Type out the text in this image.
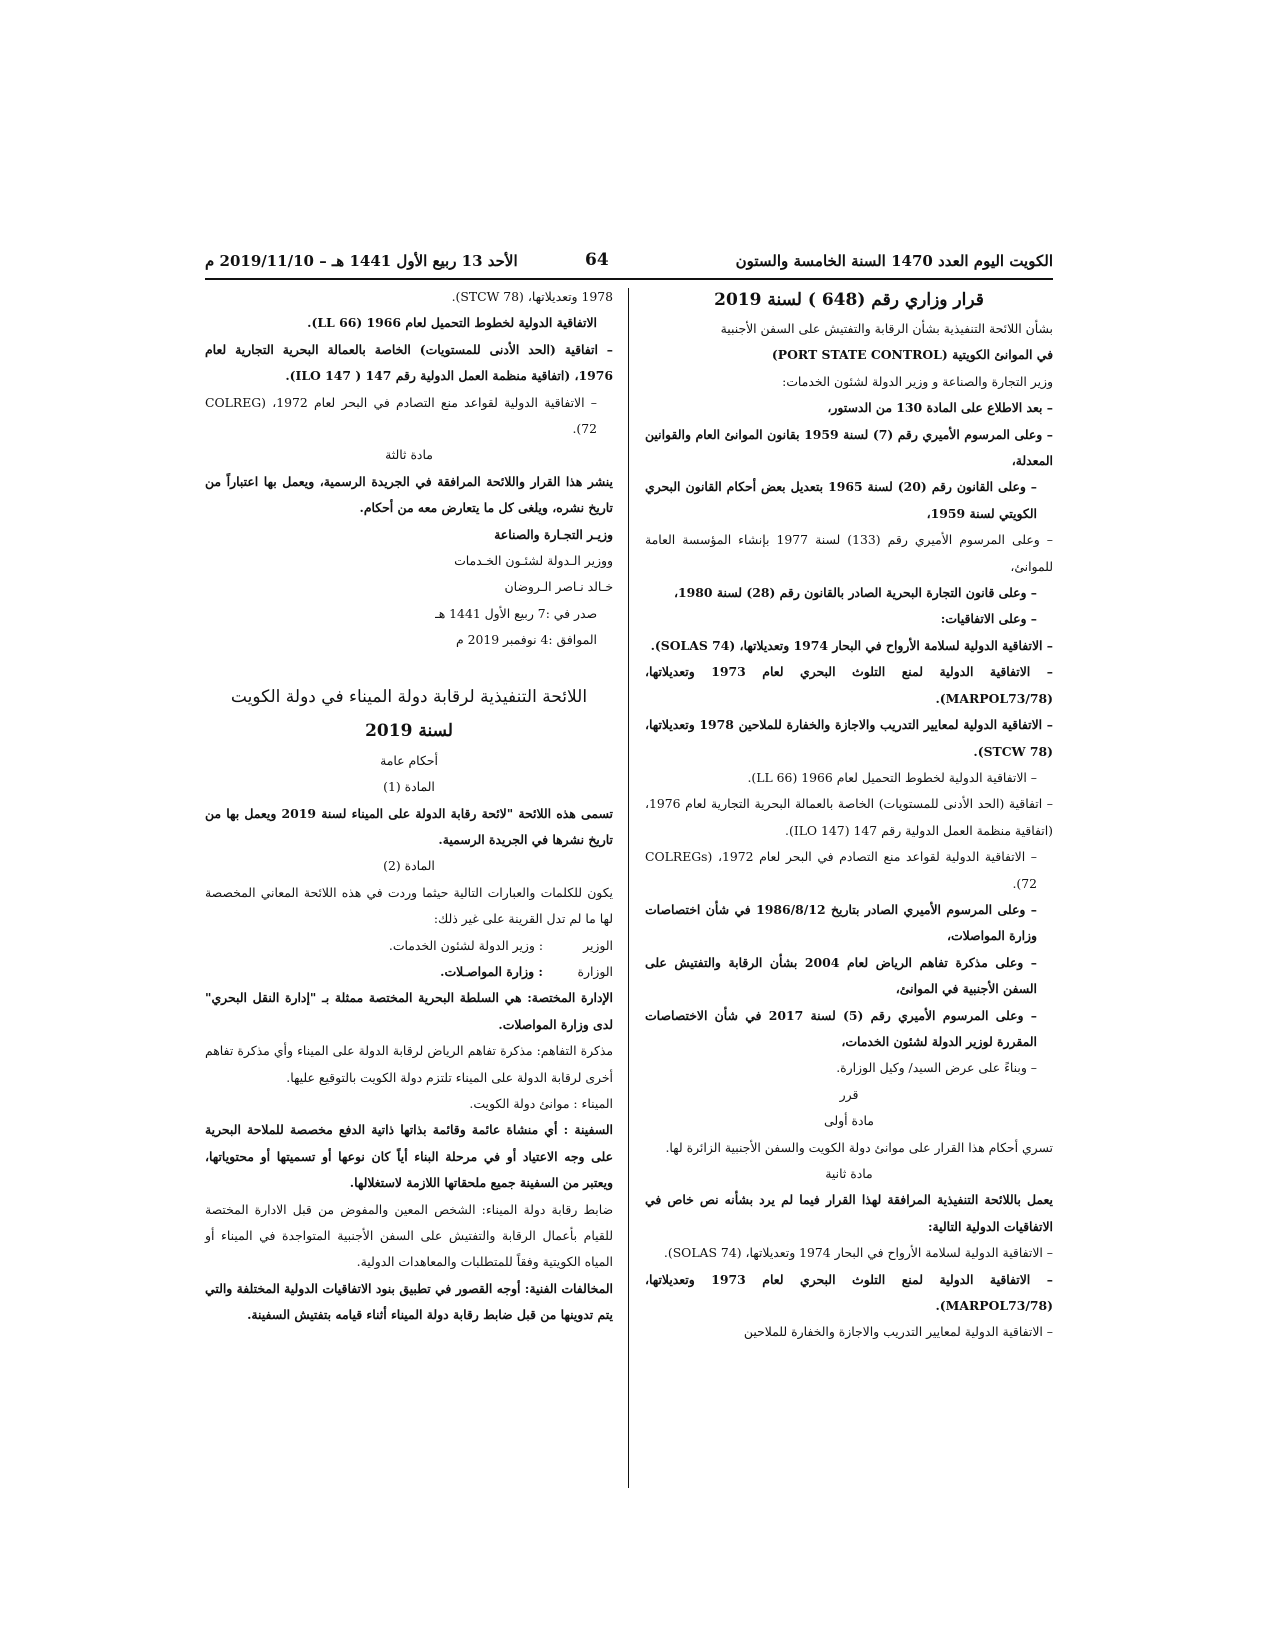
الكويت اليوم العدد 1470 السنة الخامسة والستون
64
الأحد 13 ربيع الأول 1441 هـ – 2019/11/10 م

قرار وزاري رقم (648 ) لسنة 2019

بشأن اللائحة التنفيذية بشأن الرقابة والتفتيش على السفن الأجنبية

في الموانئ الكويتية (PORT STATE CONTROL)

وزير التجارة والصناعة و وزير الدولة لشئون الخدمات:

– بعد الاطلاع على المادة 130 من الدستور،

– وعلى المرسوم الأميري رقم (7) لسنة 1959 بقانون الموانئ العام والقوانين المعدلة،

– وعلى القانون رقم (20) لسنة 1965 بتعديل بعض أحكام القانون البحري الكويتي لسنة 1959،

– وعلى المرسوم الأميري رقم (133) لسنة 1977 بإنشاء المؤسسة العامة للموانئ،

– وعلى قانون التجارة البحرية الصادر بالقانون رقم (28) لسنة 1980،

– وعلى الاتفاقيات:

– الاتفاقية الدولية لسلامة الأرواح في البحار 1974 وتعديلاتها، (SOLAS 74).

– الاتفاقية الدولية لمنع التلوث البحري لعام 1973 وتعديلاتها، (MARPOL73/78).

– الاتفاقية الدولية لمعايير التدريب والاجازة والخفارة للملاحين 1978 وتعديلاتها، (STCW 78).

– الاتفاقية الدولية لخطوط التحميل لعام 1966 (LL 66).

– اتفاقية (الحد الأدنى للمستويات) الخاصة بالعمالة البحرية التجارية لعام 1976، (اتفاقية منظمة العمل الدولية رقم 147 (ILO 147).

– الاتفاقية الدولية لقواعد منع التصادم في البحر لعام 1972، (COLREGs 72).

– وعلى المرسوم الأميري الصادر بتاريخ 1986/8/12 في شأن اختصاصات وزارة المواصلات،

– وعلى مذكرة تفاهم الرياض لعام 2004 بشأن الرقابة والتفتيش على السفن الأجنبية في الموانئ،

– وعلى المرسوم الأميري رقم (5) لسنة 2017 في شأن الاختصاصات المقررة لوزير الدولة لشئون الخدمات،

– وبناءً على عرض السيد/ وكيل الوزارة.

قرر

مادة أولى

تسري أحكام هذا القرار على موانئ دولة الكويت والسفن الأجنبية الزائرة لها.

مادة ثانية

يعمل باللائحة التنفيذية المرافقة لهذا القرار فيما لم يرد بشأنه نص خاص في الاتفاقيات الدولية التالية:

– الاتفاقية الدولية لسلامة الأرواح في البحار 1974 وتعديلاتها، (SOLAS 74).

– الاتفاقية الدولية لمنع التلوث البحري لعام 1973 وتعديلاتها، (MARPOL73/78).

– الاتفاقية الدولية لمعايير التدريب والاجازة والخفارة للملاحين

1978 وتعديلاتها، (STCW 78).

الاتفاقية الدولية لخطوط التحميل لعام 1966 (LL 66).

– اتفاقية (الحد الأدنى للمستويات) الخاصة بالعمالة البحرية التجارية لعام 1976، (اتفاقية منظمة العمل الدولية رقم 147 ( ILO 147).

– الاتفاقية الدولية لقواعد منع التصادم في البحر لعام 1972، (COLREG 72).

مادة ثالثة

ينشر هذا القرار واللائحة المرافقة في الجريدة الرسمية، ويعمل بها اعتباراً من تاريخ نشره، ويلغى كل ما يتعارض معه من أحكام.

وزيـر التجـارة والصناعة

ووزير الـدولة لشئـون الخـدمات

خـالد نـاصر الـروضان

صدر في :7 ربيع الأول 1441 هـ

الموافق :4 نوفمبر 2019 م

اللائحة التنفيذية لرقابة دولة الميناء في دولة الكويت

لسنة 2019

أحكام عامة

المادة (1)

تسمى هذه اللائحة "لائحة رقابة الدولة على الميناء لسنة 2019 ويعمل بها من تاريخ نشرها في الجريدة الرسمية.

المادة (2)

يكون للكلمات والعبارات التالية حيثما وردت في هذه اللائحة المعاني المخصصة لها ما لم تدل القرينة على غير ذلك:

الوزير
: وزير الدولة لشئون الخدمات.
الوزارة
: وزارة المواصـلات.

الإدارة المختصة: هي السلطة البحرية المختصة ممثلة بـ "إدارة النقل البحري" لدى وزارة المواصلات.

مذكرة التفاهم: مذكرة تفاهم الرياض لرقابة الدولة على الميناء وأي مذكرة تفاهم أخرى لرقابة الدولة على الميناء تلتزم دولة الكويت بالتوقيع عليها.

الميناء : موانئ دولة الكويت.

السفينة : أي منشاة عائمة وقائمة بذاتها ذاتية الدفع مخصصة للملاحة البحرية على وجه الاعتياد أو في مرحلة البناء أياً كان نوعها أو تسميتها أو محتوياتها، ويعتبر من السفينة جميع ملحقاتها اللازمة لاستغلالها.

ضابط رقابة دولة الميناء: الشخص المعين والمفوض من قبل الادارة المختصة للقيام بأعمال الرقابة والتفتيش على السفن الأجنبية المتواجدة في الميناء أو المياه الكويتية وفقاً للمتطلبات والمعاهدات الدولية.

المخالفات الفنية: أوجه القصور في تطبيق بنود الاتفاقيات الدولية المختلفة والتي يتم تدوينها من قبل ضابط رقابة دولة الميناء أثناء قيامه بتفتيش السفينة.
